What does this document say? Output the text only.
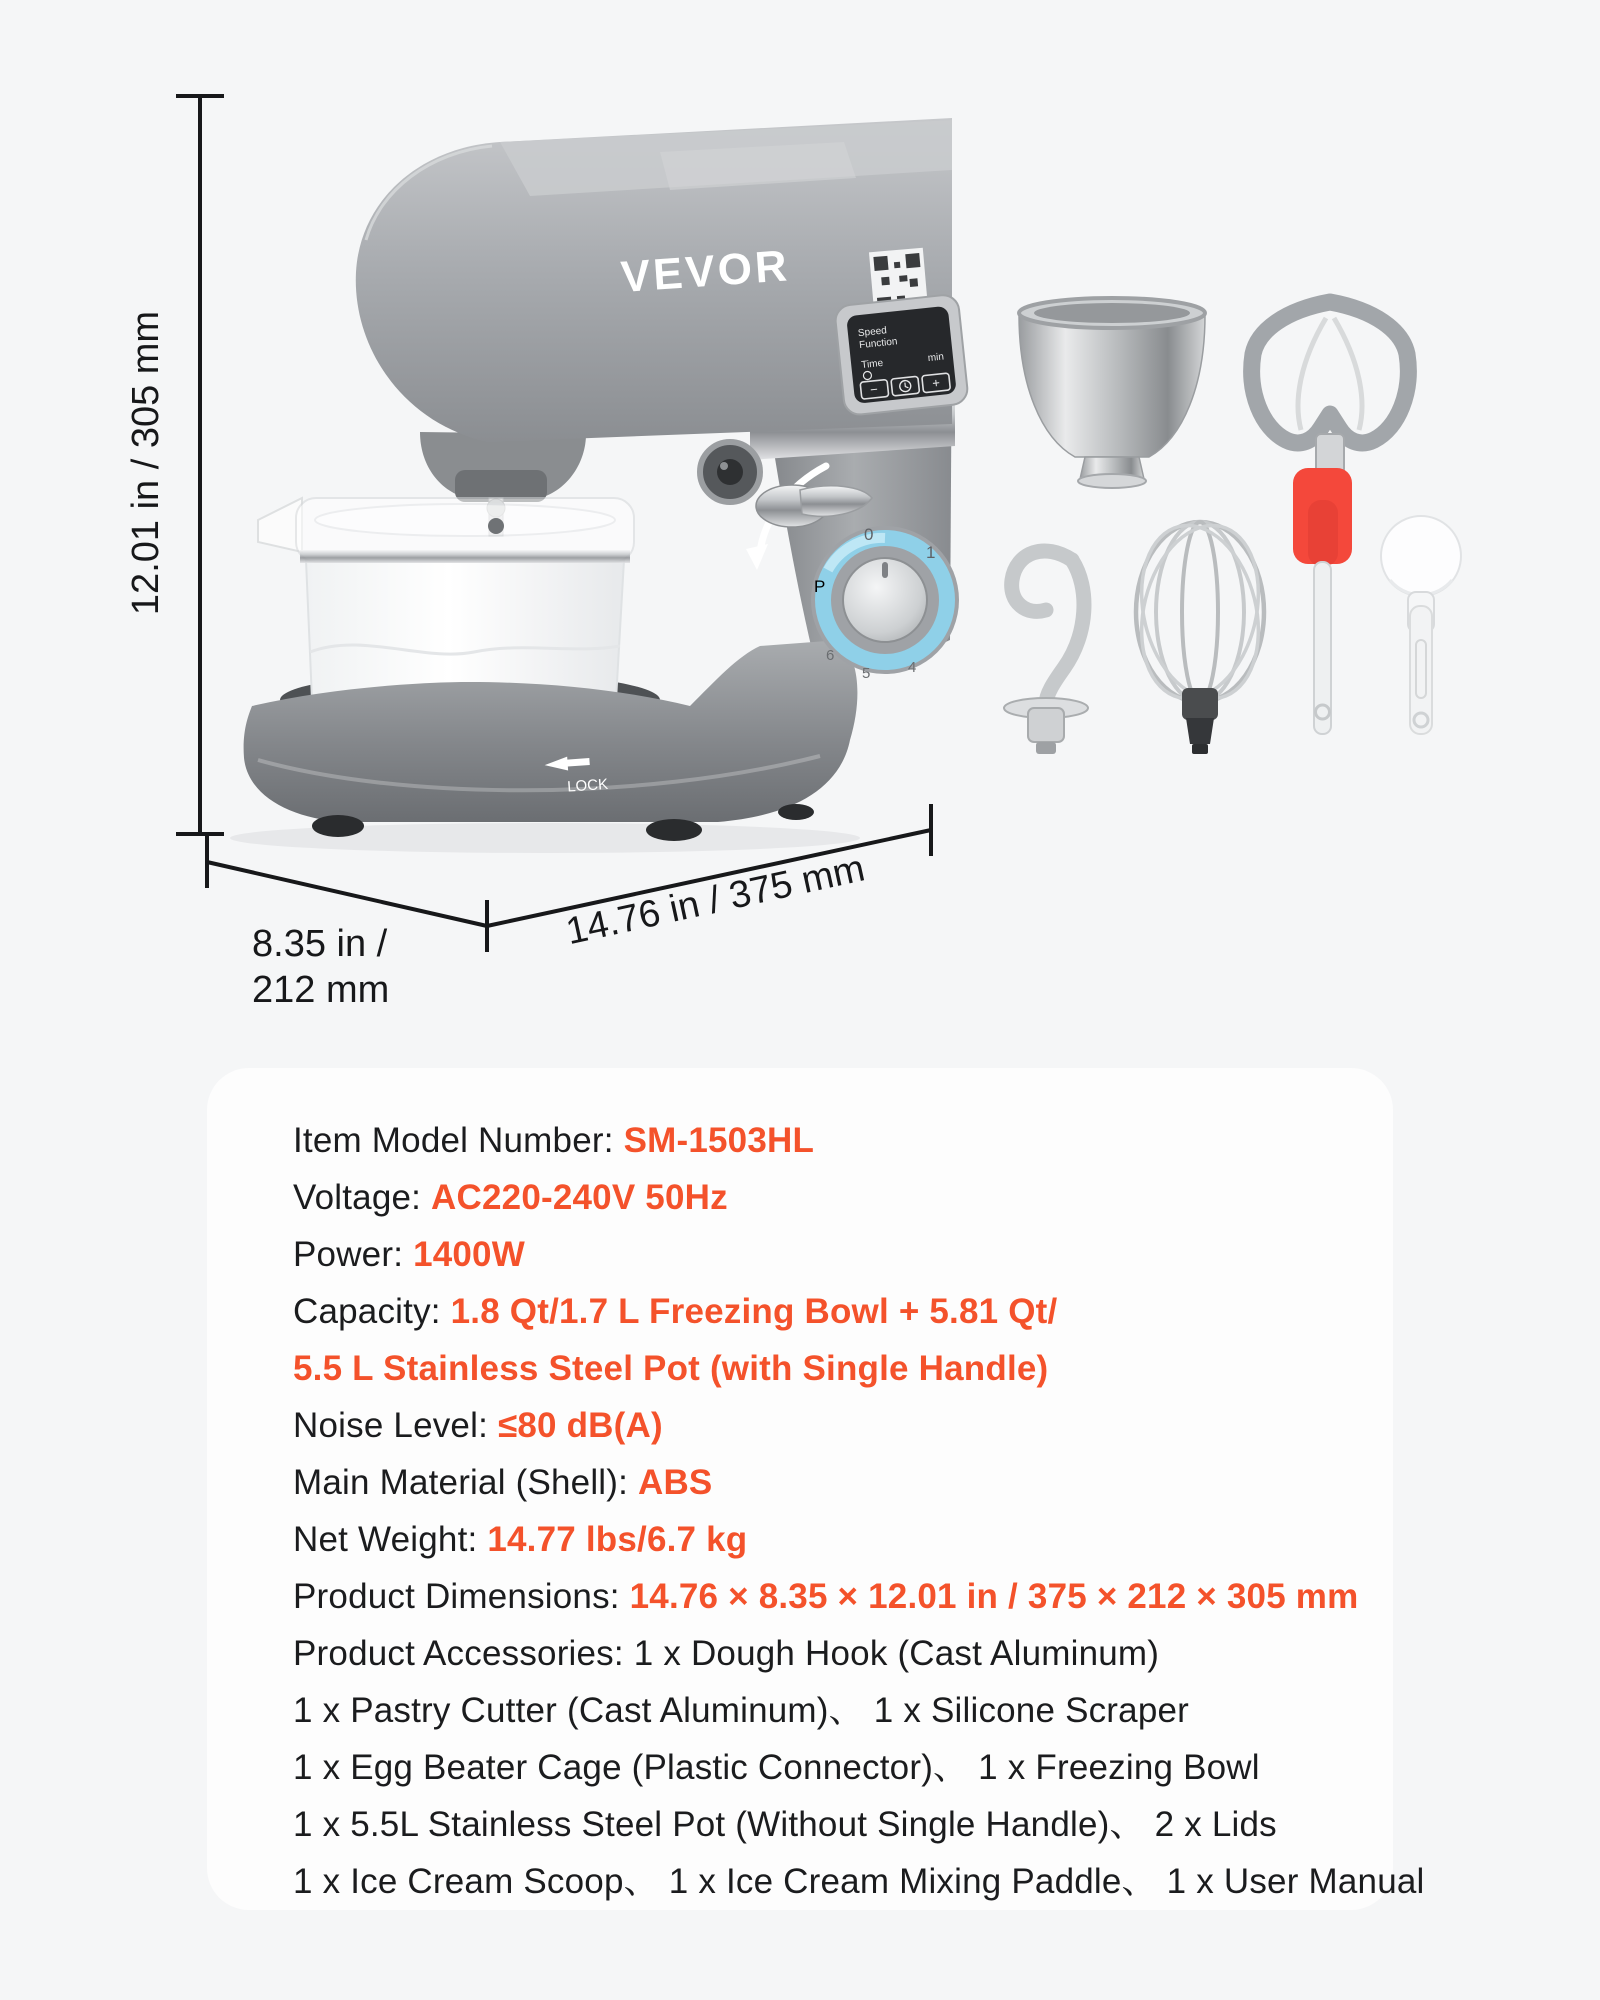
LOCK
P
0
1
6
5	4
VEVOR
Speed
Function
Time
min
−	+
12.01 in / 305 mm
8.35 in /
212 mm
14.76 in / 375 mm
Item Model Number: SM-1503HL
Voltage: AC220-240V 50Hz
Power: 1400W
Capacity: 1.8 Qt/1.7 L Freezing Bowl + 5.81 Qt/
5.5 L Stainless Steel Pot (with Single Handle)
Noise Level: ≤80 dB(A)
Main Material (Shell): ABS
Net Weight: 14.77 lbs/6.7 kg
Product Dimensions: 14.76 × 8.35 × 12.01 in / 375 × 212 × 305 mm
Product Accessories: 1 x Dough Hook (Cast Aluminum)
1 x Pastry Cutter (Cast Aluminum)、 1 x Silicone Scraper
1 x Egg Beater Cage (Plastic Connector)、 1 x Freezing Bowl
1 x 5.5L Stainless Steel Pot (Without Single Handle)、 2 x Lids
1 x Ice Cream Scoop、 1 x Ice Cream Mixing Paddle、 1 x User Manual
